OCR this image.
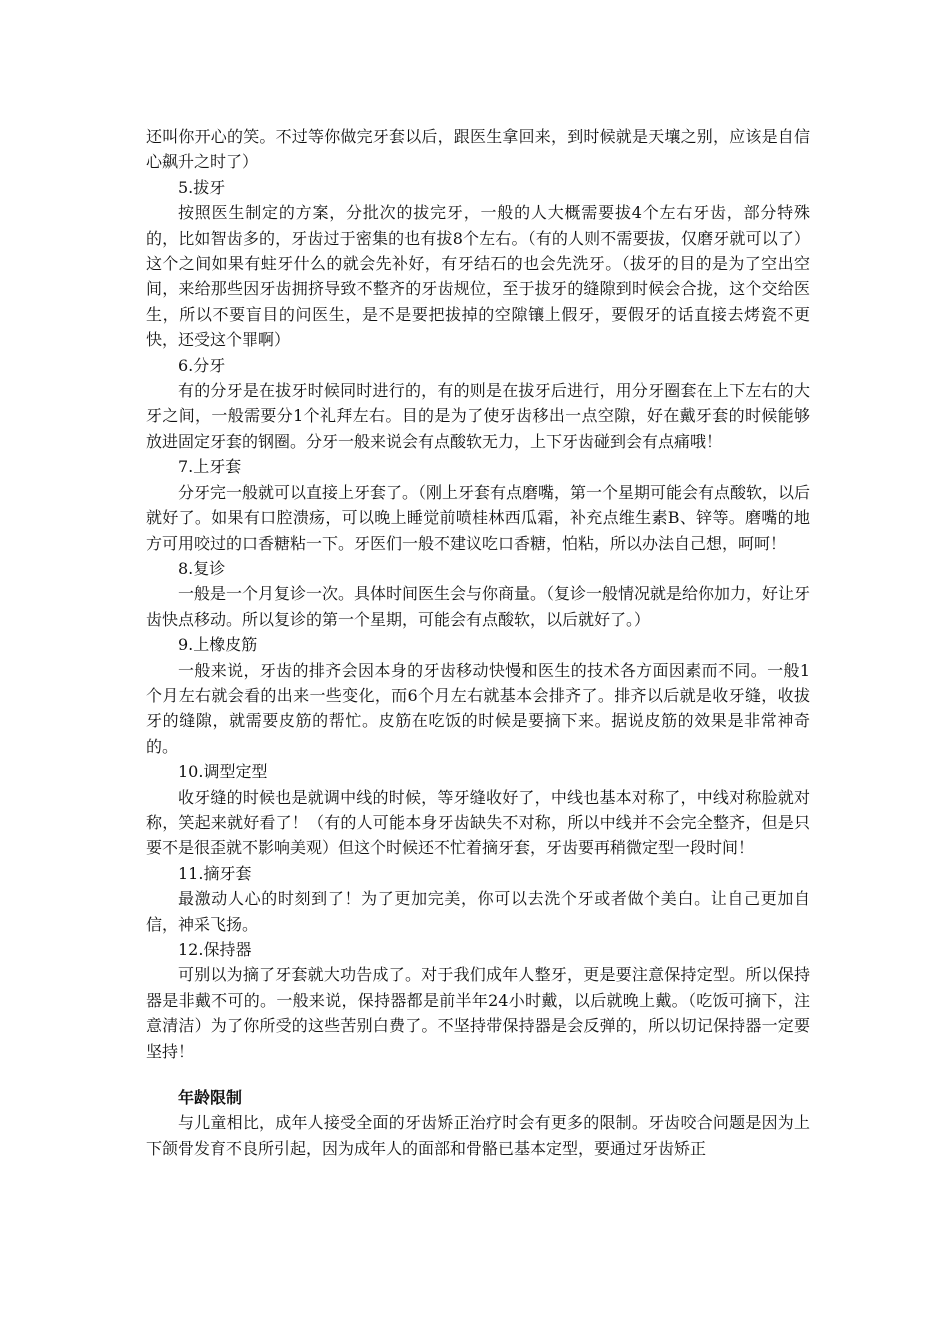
还叫你开心的笑。不过等你做完牙套以后，跟医生拿回来，到时候就是天壤之别，应该是自信心飙升之时了）

5.拔牙

按照医生制定的方案，分批次的拔完牙，一般的人大概需要拔4个左右牙齿，部分特殊的，比如智齿多的，牙齿过于密集的也有拔8个左右。（有的人则不需要拔，仅磨牙就可以了）这个之间如果有蛀牙什么的就会先补好，有牙结石的也会先洗牙。（拔牙的目的是为了空出空间，来给那些因牙齿拥挤导致不整齐的牙齿规位，至于拔牙的缝隙到时候会合拢，这个交给医生，所以不要盲目的问医生，是不是要把拔掉的空隙镶上假牙，要假牙的话直接去烤瓷不更快，还受这个罪啊）

6.分牙

有的分牙是在拔牙时候同时进行的，有的则是在拔牙后进行，用分牙圈套在上下左右的大牙之间，一般需要分1个礼拜左右。目的是为了使牙齿移出一点空隙，好在戴牙套的时候能够放进固定牙套的钢圈。分牙一般来说会有点酸软无力，上下牙齿碰到会有点痛哦！

7.上牙套

分牙完一般就可以直接上牙套了。（刚上牙套有点磨嘴，第一个星期可能会有点酸软，以后就好了。如果有口腔溃疡，可以晚上睡觉前喷桂林西瓜霜，补充点维生素B、锌等。磨嘴的地方可用咬过的口香糖粘一下。牙医们一般不建议吃口香糖，怕粘，所以办法自己想，呵呵！

8.复诊

一般是一个月复诊一次。具体时间医生会与你商量。（复诊一般情况就是给你加力，好让牙齿快点移动。所以复诊的第一个星期，可能会有点酸软，以后就好了。）

9.上橡皮筋

一般来说，牙齿的排齐会因本身的牙齿移动快慢和医生的技术各方面因素而不同。一般1个月左右就会看的出来一些变化，而6个月左右就基本会排齐了。排齐以后就是收牙缝，收拔牙的缝隙，就需要皮筋的帮忙。皮筋在吃饭的时候是要摘下来。据说皮筋的效果是非常神奇的。

10.调型定型

收牙缝的时候也是就调中线的时候，等牙缝收好了，中线也基本对称了，中线对称脸就对称，笑起来就好看了！（有的人可能本身牙齿缺失不对称，所以中线并不会完全整齐，但是只要不是很歪就不影响美观）但这个时候还不忙着摘牙套，牙齿要再稍微定型一段时间！

11.摘牙套

最激动人心的时刻到了！为了更加完美，你可以去洗个牙或者做个美白。让自己更加自信，神采飞扬。

12.保持器

可别以为摘了牙套就大功告成了。对于我们成年人整牙，更是要注意保持定型。所以保持器是非戴不可的。一般来说，保持器都是前半年24小时戴，以后就晚上戴。（吃饭可摘下，注意清洁）为了你所受的这些苦别白费了。不坚持带保持器是会反弹的，所以切记保持器一定要坚持！

年龄限制

与儿童相比，成年人接受全面的牙齿矫正治疗时会有更多的限制。牙齿咬合问题是因为上下颌骨发育不良所引起，因为成年人的面部和骨骼已基本定型，要通过牙齿矫正
